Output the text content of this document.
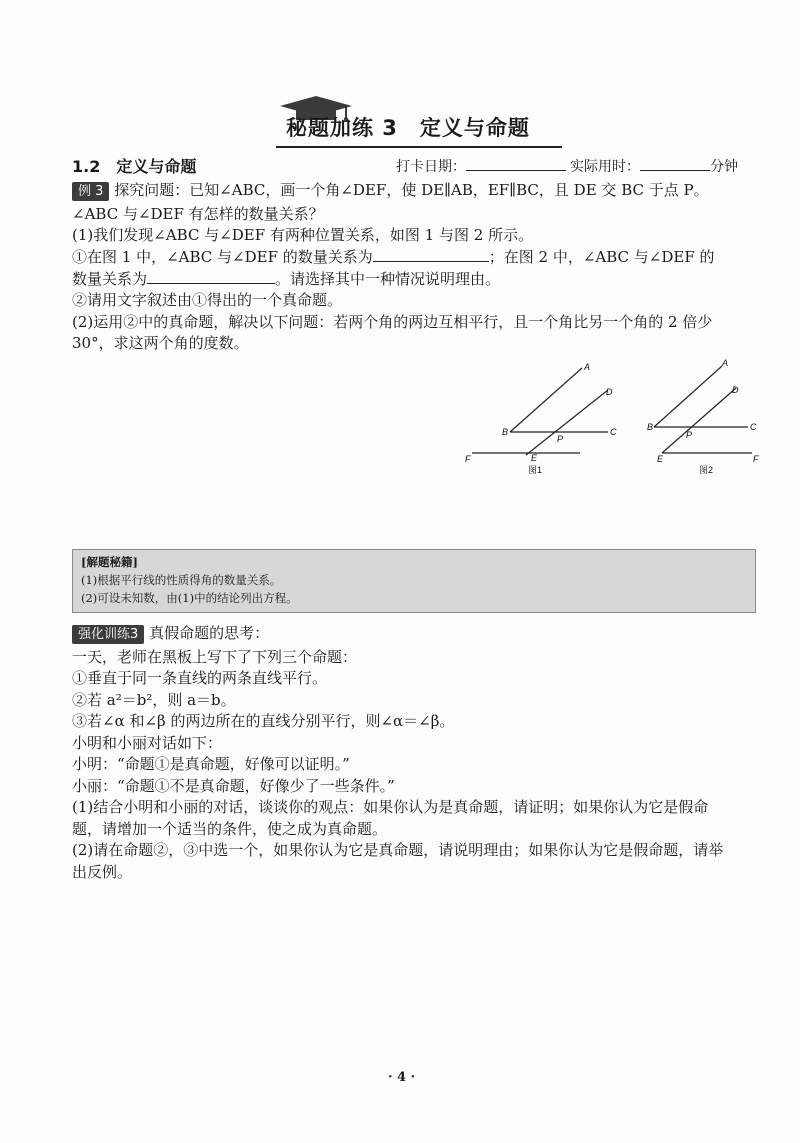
秘题加练 3　定义与命题
1.2　定义与命题	打卡日期：	实际用时：	分钟
例 3 探究问题：已知∠ABC，画一个角∠DEF，使 DE∥AB，EF∥BC，且 DE 交 BC 于点 P。
∠ABC 与∠DEF 有怎样的数量关系？
(1)我们发现∠ABC 与∠DEF 有两种位置关系，如图 1 与图 2 所示。
①在图 1 中，∠ABC 与∠DEF 的数量关系为	；在图 2 中，∠ABC 与∠DEF 的
数量关系为	。请选择其中一种情况说明理由。
②请用文字叙述由①得出的一个真命题。
(2)运用②中的真命题，解决以下问题：若两个角的两边互相平行，且一个角比另一个角的 2 倍少
30°，求这两个角的度数。
A
D
B	C
P
E
F
图1
A
D
B	C
P
E	F
图2
[解题秘籍]
(1)根据平行线的性质得角的数量关系。
(2)可设未知数，由(1)中的结论列出方程。
强化训练3 真假命题的思考：
一天，老师在黑板上写下了下列三个命题：
①垂直于同一条直线的两条直线平行。
②若 a²＝b²，则 a＝b。
③若∠α 和∠β 的两边所在的直线分别平行，则∠α＝∠β。
小明和小丽对话如下：
小明：“命题①是真命题，好像可以证明。”
小丽：“命题①不是真命题，好像少了一些条件。”
(1)结合小明和小丽的对话，谈谈你的观点：如果你认为是真命题，请证明；如果你认为它是假命
题，请增加一个适当的条件，使之成为真命题。
(2)请在命题②，③中选一个，如果你认为它是真命题，请说明理由；如果你认为它是假命题，请举
出反例。
· 4 ·
